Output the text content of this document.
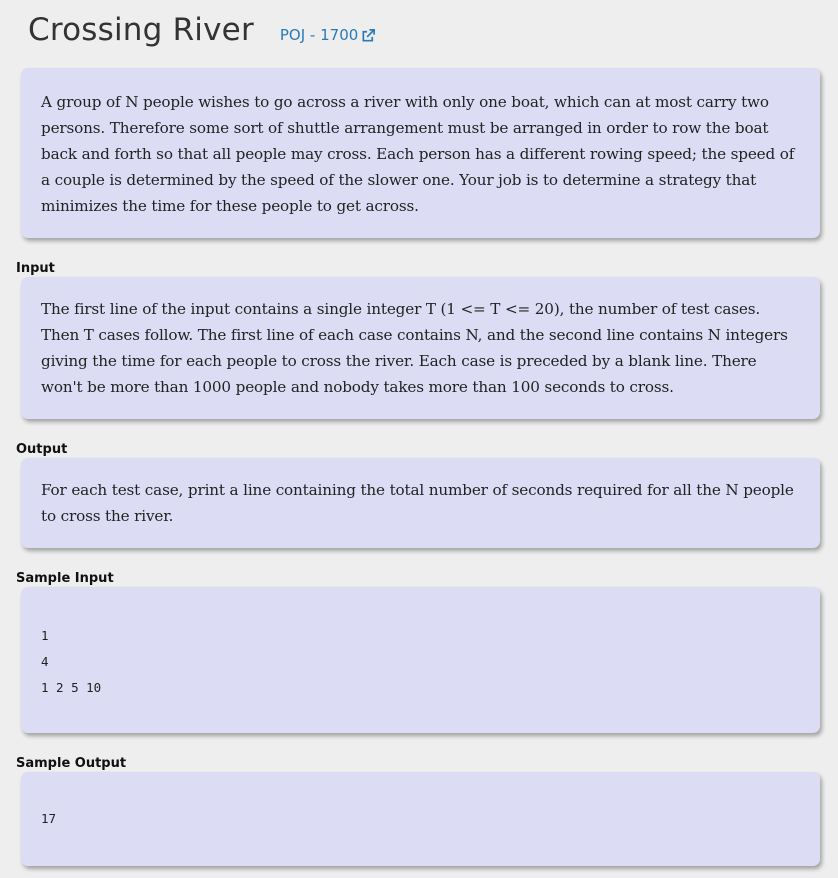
Crossing River POJ - 1700
A group of N people wishes to go across a river with only one boat, which can at most carry two persons. Therefore some sort of shuttle arrangement must be arranged in order to row the boat back and forth so that all people may cross. Each person has a different rowing speed; the speed of a couple is determined by the speed of the slower one. Your job is to determine a strategy that minimizes the time for these people to get across.
Input
The first line of the input contains a single integer T (1 <= T <= 20), the number of test cases. Then T cases follow. The first line of each case contains N, and the second line contains N integers giving the time for each people to cross the river. Each case is preceded by a blank line. There won't be more than 1000 people and nobody takes more than 100 seconds to cross.
Output
For each test case, print a line containing the total number of seconds required for all the N people to cross the river.
Sample Input
1
4
1 2 5 10
Sample Output
17
